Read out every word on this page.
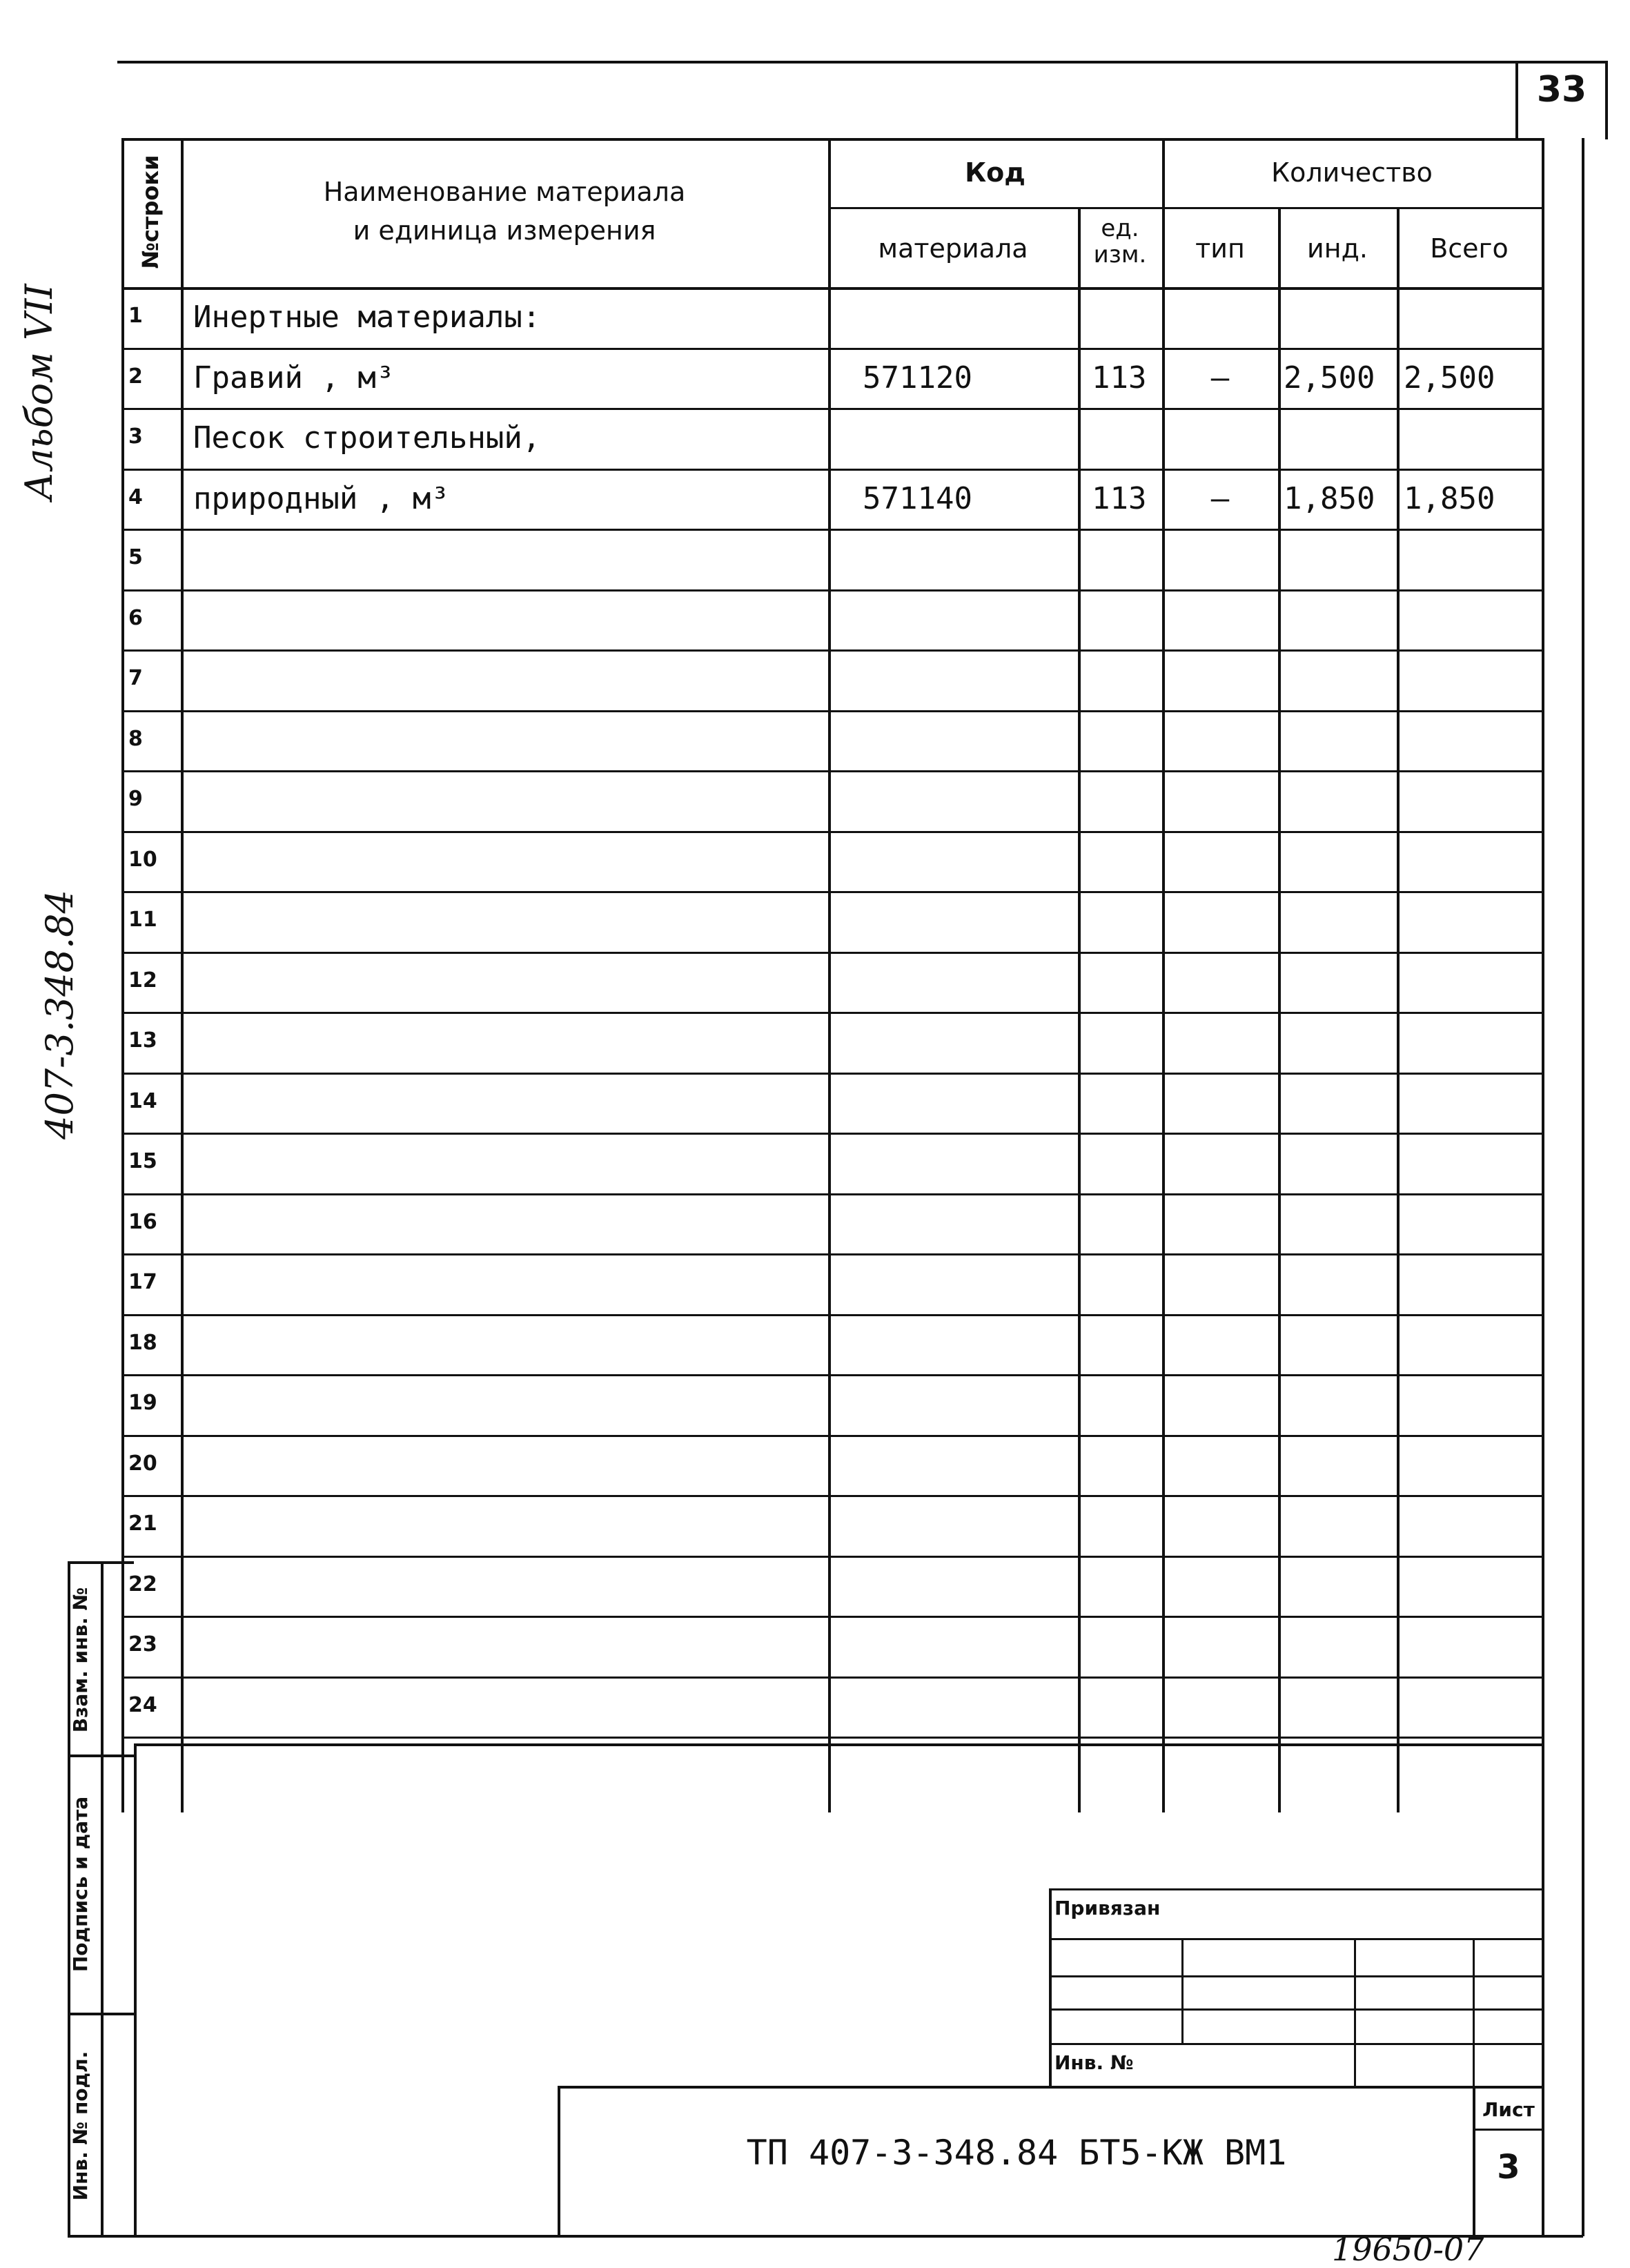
33
Альбом VII
407-3.348.84
№строки	Наименование материала
и единица измерения
Код
материала
ед.
изм.
Количество
тип	инд.	Всего
1	Инертные материалы:
2	Гравий , м³	571120	113	–	2,500 2,500
3	Песок строительный,
4	природный , м³	571140	113	–	1,850 1,850
5
6
7
8
9
10
11
12
13
14
15
16
17
18
19
20
21
22
23
24
Взам. инв. №
Подпись и дата
Инв. № подл.
Привязан
Инв. №
ТП 407-3-348.84 БТ5-КЖ ВМ1
Лист
3
19650-07
